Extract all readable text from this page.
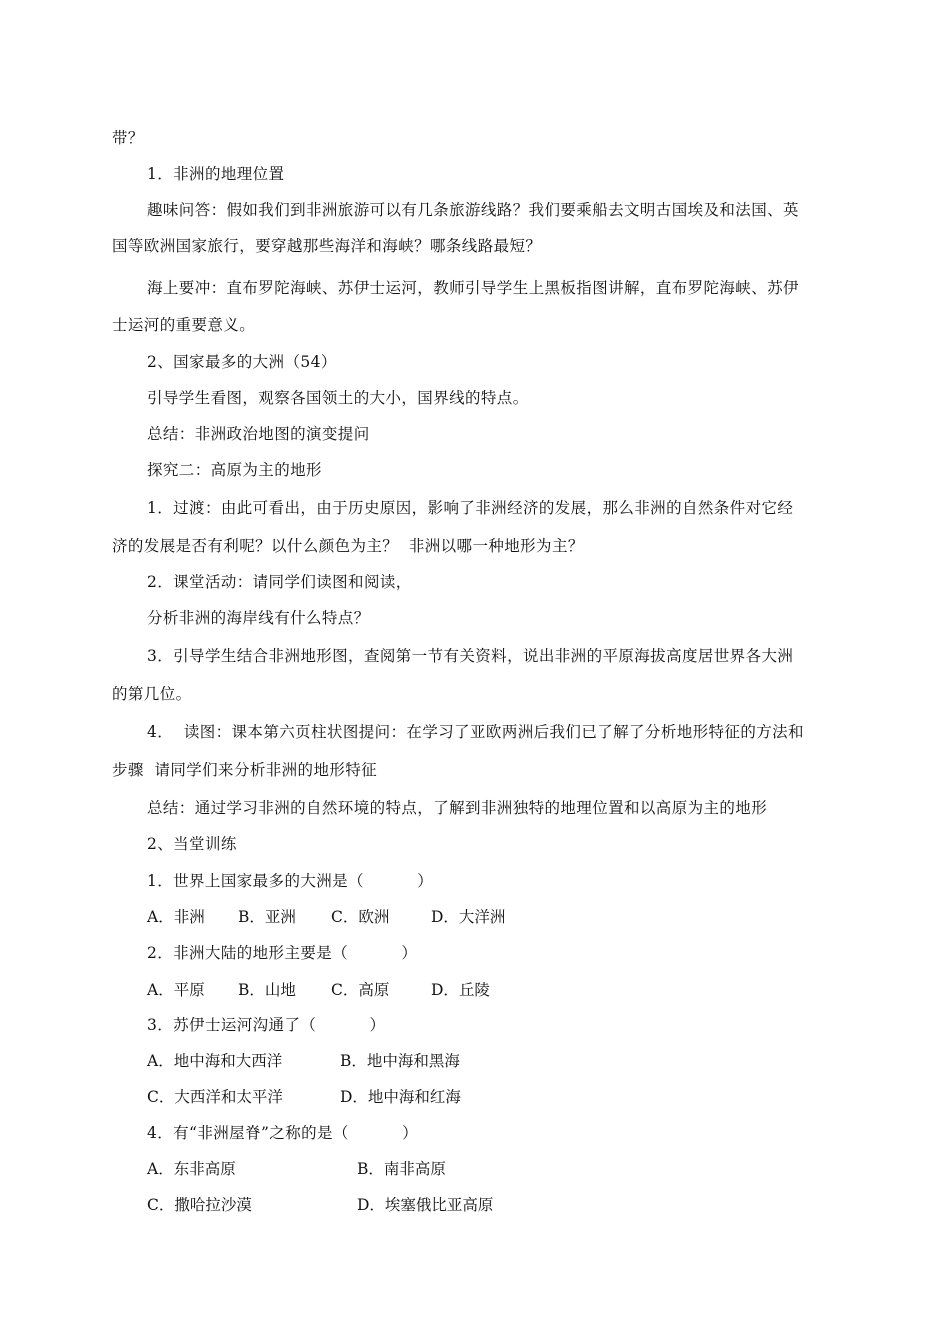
带？
1．非洲的地理位置
趣味问答：假如我们到非洲旅游可以有几条旅游线路？我们要乘船去文明古国埃及和法国、英
国等欧洲国家旅行，要穿越那些海洋和海峡？哪条线路最短？
海上要冲：直布罗陀海峡、苏伊士运河，教师引导学生上黑板指图讲解，直布罗陀海峡、苏伊
士运河的重要意义。
2、国家最多的大洲（54）
引导学生看图，观察各国领土的大小，国界线的特点。
总结：非洲政治地图的演变提问
探究二：高原为主的地形
1．过渡：由此可看出，由于历史原因，影响了非洲经济的发展，那么非洲的自然条件对它经
济的发展是否有利呢？以什么颜色为主？  非洲以哪一种地形为主？
2．课堂活动：请同学们读图和阅读，
分析非洲的海岸线有什么特点？
3．引导学生结合非洲地形图，查阅第一节有关资料，说出非洲的平原海拔高度居世界各大洲
的第几位。
4．  读图：课本第六页柱状图提问：在学习了亚欧两洲后我们已了解了分析地形特征的方法和
步骤  请同学们来分析非洲的地形特征
总结：通过学习非洲的自然环境的特点，了解到非洲独特的地理位置和以高原为主的地形
2、当堂训练
1．世界上国家最多的大洲是（          ）
A．非洲 B．亚洲 C．欧洲	D．大洋洲
2．非洲大陆的地形主要是（          ）
A．平原 B．山地 C．高原	D．丘陵
3．苏伊士运河沟通了（          ）
A．地中海和大西洋	B．地中海和黑海
C．大西洋和太平洋	D．地中海和红海
4．有“非洲屋脊”之称的是（          ）
A．东非高原	B．南非高原
C．撒哈拉沙漠	D．埃塞俄比亚高原
